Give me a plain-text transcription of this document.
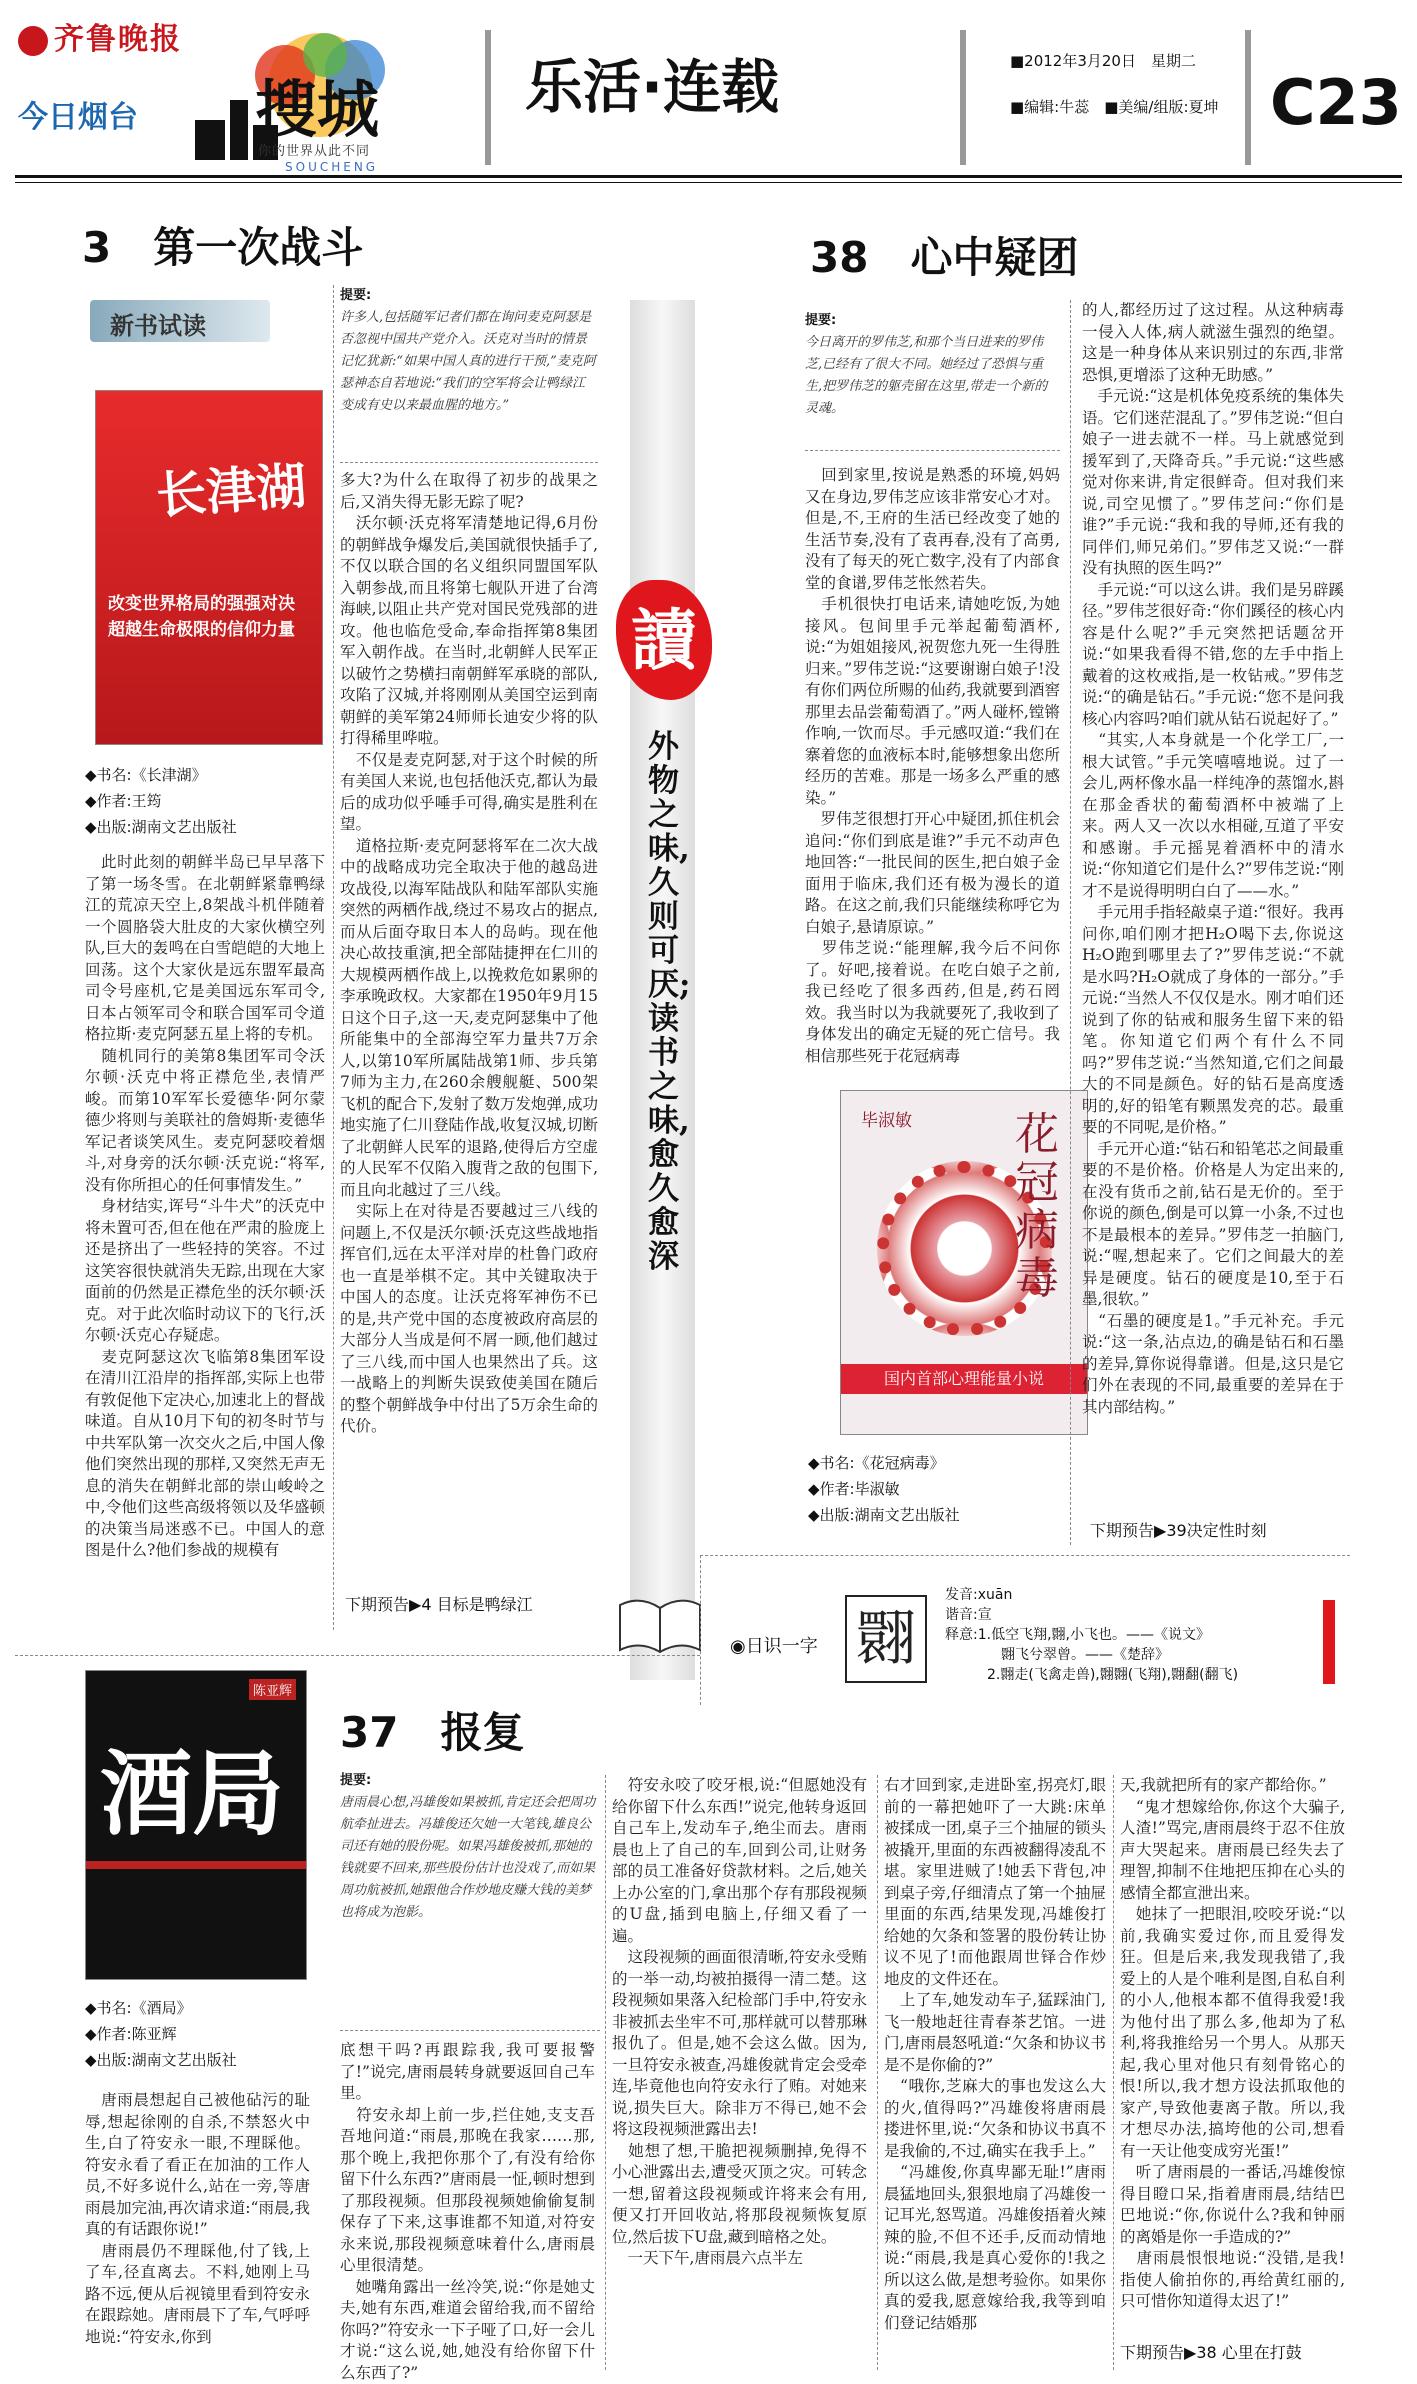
齐鲁晚报
今日烟台 搜城
你的世界从此不同
SOUCHENG
乐活·连载	■2012年3月20日　星期二
■编辑:牛蕊　■美编/组版:夏坤 C23
3　 第一次战斗
新书试读
提要:
许多人,包括随军记者们都在询问麦克阿瑟是否忽视中国共产党介入。沃克对当时的情景记忆犹新:“如果中国人真的进行干预,”麦克阿瑟神态自若地说:“我们的空军将会让鸭绿江变成有史以来最血腥的地方。”
长津湖
改变世界格局的强强对决 超越生命极限的信仰力量
◆书名:《长津湖》
◆作者:王筠
◆出版:湖南文艺出版社
　此时此刻的朝鲜半岛已早早落下了第一场冬雪。在北朝鲜紧靠鸭绿江的荒凉天空上,8架战斗机伴随着一个圆胳袋大肚皮的大家伙横空列队,巨大的轰鸣在白雪皑皑的大地上回荡。这个大家伙是远东盟军最高司令号座机,它是美国远东军司令,日本占领军司令和联合国军司令道格拉斯·麦克阿瑟五星上将的专机。
　随机同行的美第8集团军司令沃尔顿·沃克中将正襟危坐,表情严峻。而第10军军长爱德华·阿尔蒙德少将则与美联社的詹姆斯·麦德华军记者谈笑风生。麦克阿瑟咬着烟斗,对身旁的沃尔顿·沃克说:“将军,没有你所担心的任何事情发生。”
　身材结实,诨号“斗牛犬”的沃克中将未置可否,但在他在严肃的脸庞上还是挤出了一些轻持的笑容。不过这笑容很快就消失无踪,出现在大家面前的仍然是正襟危坐的沃尔顿·沃克。对于此次临时动议下的飞行,沃尔顿·沃克心存疑虑。
　麦克阿瑟这次飞临第8集团军设在清川江沿岸的指挥部,实际上也带有敦促他下定决心,加速北上的督战味道。自从10月下旬的初冬时节与中共军队第一次交火之后,中国人像他们突然出现的那样,又突然无声无息的消失在朝鲜北部的崇山峻岭之中,令他们这些高级将领以及华盛顿的决策当局迷惑不已。中国人的意图是什么?他们参战的规模有
多大?为什么在取得了初步的战果之后,又消失得无影无踪了呢?
　沃尔顿·沃克将军清楚地记得,6月份的朝鲜战争爆发后,美国就很快插手了,不仅以联合国的名义组织同盟国军队入朝参战,而且将第七舰队开进了台湾海峡,以阻止共产党对国民党残部的进攻。他也临危受命,奉命指挥第8集团军入朝作战。在当时,北朝鲜人民军正以破竹之势横扫南朝鲜军承晓的部队,攻陷了汉城,并将刚刚从美国空运到南朝鲜的美军第24师师长迪安少将的队打得稀里哗啦。
　不仅是麦克阿瑟,对于这个时候的所有美国人来说,也包括他沃克,都认为最后的成功似乎唾手可得,确实是胜利在望。
　道格拉斯·麦克阿瑟将军在二次大战中的战略成功完全取决于他的越岛进攻战役,以海军陆战队和陆军部队实施突然的两栖作战,绕过不易攻占的据点,而从后面夺取日本人的岛屿。现在他决心故技重演,把全部陆捷押在仁川的大规模两栖作战上,以挽救危如累卵的李承晚政权。大家都在1950年9月15日这个日子,这一天,麦克阿瑟集中了他所能集中的全部海空军力量共7万余人,以第10军所属陆战第1师、步兵第7师为主力,在260余艘舰艇、500架飞机的配合下,发射了数万发炮弹,成功地实施了仁川登陆作战,收复汉城,切断了北朝鲜人民军的退路,使得后方空虚的人民军不仅陷入腹背之敌的包围下,而且向北越过了三八线。
　实际上在对待是否要越过三八线的问题上,不仅是沃尔顿·沃克这些战地指挥官们,远在太平洋对岸的杜鲁门政府也一直是举棋不定。其中关键取决于中国人的态度。让沃克将军神伤不已的是,共产党中国的态度被政府高层的大部分人当成是何不屑一顾,他们越过了三八线,而中国人也果然出了兵。这一战略上的判断失误致使美国在随后的整个朝鲜战争中付出了5万余生命的代价。
下期预告▶4 目标是鸭绿江
讀
外物之味,久则可厌;读书之味,愈久愈深
38　 心中疑团
提要:
今日离开的罗伟芝,和那个当日进来的罗伟芝,已经有了很大不同。她经过了恐惧与重生,把罗伟芝的躯壳留在这里,带走一个新的灵魂。
　回到家里,按说是熟悉的环境,妈妈又在身边,罗伟芝应该非常安心才对。但是,不,王府的生活已经改变了她的生活节奏,没有了袁再春,没有了高勇,没有了每天的死亡数字,没有了内部食堂的食谱,罗伟芝怅然若失。
　手机很快打电话来,请她吃饭,为她接风。包间里手元举起葡萄酒杯,说:“为姐姐接风,祝贺您九死一生得胜归来。”罗伟芝说:“这要谢谢白娘子!没有你们两位所赐的仙药,我就要到酒窖那里去品尝葡萄酒了。”两人碰杯,镗锵作响,一饮而尽。手元感叹道:“我们在寨着您的血液标本时,能够想象出您所经历的苦难。那是一场多么严重的感染。”
　罗伟芝很想打开心中疑团,抓住机会追问:“你们到底是谁?”手元不动声色地回答:“一批民间的医生,把白娘子金面用于临床,我们还有极为漫长的道路。在这之前,我们只能继续称呼它为白娘子,悬请原谅。”
　罗伟芝说:“能理解,我今后不问你了。好吧,接着说。在吃白娘子之前,我已经吃了很多西药,但是,药石罔效。我当时以为我就要死了,我收到了身体发出的确定无疑的死亡信号。我相信那些死于花冠病毒
花冠病毒
毕淑敏
国内首部心理能量小说
◆书名:《花冠病毒》
◆作者:毕淑敏
◆出版:湖南文艺出版社
的人,都经历过了这过程。从这种病毒一侵入人体,病人就滋生强烈的绝望。这是一种身体从来识别过的东西,非常恐惧,更增添了这种无助感。”
　手元说:“这是机体免疫系统的集体失语。它们迷茫混乱了。”罗伟芝说:“但白娘子一进去就不一样。马上就感觉到援军到了,天降奇兵。”手元说:“这些感觉对你来讲,肯定很鲜奇。但对我们来说,司空见惯了。”罗伟芝问:“你们是谁?”手元说:“我和我的导师,还有我的同伴们,师兄弟们。”罗伟芝又说:“一群没有执照的医生吗?”
　手元说:“可以这么讲。我们是另辟蹊径。”罗伟芝很好奇:“你们蹊径的核心内容是什么呢?”手元突然把话题岔开说:“如果我看得不错,您的左手中指上戴着的这枚戒指,是一枚钻戒。”罗伟芝说:“的确是钻石。”手元说:“您不是问我核心内容吗?咱们就从钻石说起好了。”
　“其实,人本身就是一个化学工厂,一根大试管。”手元笑嘻嘻地说。过了一会儿,两杯像水晶一样纯净的蒸馏水,斟在那金香状的葡萄酒杯中被端了上来。两人又一次以水相碰,互道了平安和感谢。手元摇晃着酒杯中的清水说:“你知道它们是什么?”罗伟芝说:“刚才不是说得明明白白了——水。”
　手元用手指轻敲桌子道:“很好。我再问你,咱们刚才把H₂O喝下去,你说这H₂O跑到哪里去了?”罗伟芝说:“不就是水吗?H₂O就成了身体的一部分。”手元说:“当然人不仅仅是水。刚才咱们还说到了你的钻戒和服务生留下来的铅笔。你知道它们两个有什么不同吗?”罗伟芝说:“当然知道,它们之间最大的不同是颜色。好的钻石是高度透明的,好的铅笔有颗黑发亮的芯。最重要的不同呢,是价格。”
　手元开心道:“钻石和铅笔芯之间最重要的不是价格。价格是人为定出来的,在没有货币之前,钻石是无价的。至于你说的颜色,倒是可以算一小条,不过也不是最根本的差异。”罗伟芝一拍脑门,说:“喔,想起来了。它们之间最大的差异是硬度。钻石的硬度是10,至于石墨,很软。”
　“石墨的硬度是1。”手元补充。手元说:“这一条,沾点边,的确是钻石和石墨的差异,算你说得靠谱。但是,这只是它们外在表现的不同,最重要的差异在于其内部结构。”
下期预告▶39决定性时刻
◉日识一字 翾
发音:xuān
谐音:宣
释意:1.低空飞翔,翾,小飞也。——《说文》
　翾飞兮翠曾。——《楚辞》
2.翾走(飞禽走兽),翾翾(飞翔),翾翻(翻飞)
陈亚辉
酒局
◆书名:《酒局》
◆作者:陈亚辉
◆出版:湖南文艺出版社
　唐雨晨想起自己被他砧污的耻辱,想起徐刚的自杀,不禁怒火中生,白了符安永一眼,不理睬他。符安永看了看正在加油的工作人员,不好多说什么,站在一旁,等唐雨晨加完油,再次请求道:“雨晨,我真的有话跟你说!”
　唐雨晨仍不理睬他,付了钱,上了车,径直离去。不料,她刚上马路不远,便从后视镜里看到符安永在跟踪她。唐雨晨下了车,气呼呼地说:“符安永,你到
37　 报复
提要:
唐雨晨心想,冯雄俊如果被抓,肯定还会把周功航牵扯进去。冯雄俊还欠她一大笔钱,雄良公司还有她的股份呢。如果冯雄俊被抓,那她的钱就要不回来,那些股份估计也没戏了,而如果周功航被抓,她跟他合作炒地皮赚大钱的美梦也将成为泡影。
底想干吗?再跟踪我,我可要报警了!”说完,唐雨晨转身就要返回自己车里。
　符安永却上前一步,拦住她,支支吾吾地问道:“雨晨,那晚在我家……那,那个晚上,我把你那个了,有没有给你留下什么东西?”唐雨晨一怔,顿时想到了那段视频。但那段视频她偷偷复制保存了下来,这事谁都不知道,对符安永来说,那段视频意味着什么,唐雨晨心里很清楚。
　她嘴角露出一丝冷笑,说:“你是她丈夫,她有东西,难道会留给我,而不留给你吗?”符安永一下子哑了口,好一会儿才说:“这么说,她,她没有给你留下什么东西了?”
　符安永咬了咬牙根,说:“但愿她没有给你留下什么东西!”说完,他转身返回自己车上,发动车子,绝尘而去。唐雨晨也上了自己的车,回到公司,让财务部的员工准备好贷款材料。之后,她关上办公室的门,拿出那个存有那段视频的U盘,插到电脑上,仔细又看了一遍。
　这段视频的画面很清晰,符安永受贿的一举一动,均被拍摄得一清二楚。这段视频如果落入纪检部门手中,符安永非被抓去坐牢不可,那样就可以替那琳报仇了。但是,她不会这么做。因为,一旦符安永被查,冯雄俊就肯定会受牵连,毕竟他也向符安永行了贿。对她来说,损失巨大。除非万不得已,她不会将这段视频泄露出去!
　她想了想,干脆把视频删掉,免得不小心泄露出去,遭受灭顶之灾。可转念一想,留着这段视频或许将来会有用,便又打开回收站,将那段视频恢复原位,然后拔下U盘,藏到暗格之处。
　一天下午,唐雨晨六点半左
右才回到家,走进卧室,拐亮灯,眼前的一幕把她吓了一大跳:床单被揉成一团,桌子三个抽屉的锁头被撬开,里面的东西被翻得凌乱不堪。家里进贼了!她丢下背包,冲到桌子旁,仔细清点了第一个抽屉里面的东西,结果发现,冯雄俊打给她的欠条和签署的股份转让协议不见了!而他跟周世铎合作炒地皮的文件还在。
　上了车,她发动车子,猛踩油门,飞一般地赶往青春茶艺馆。一进门,唐雨晨怒吼道:“欠条和协议书是不是你偷的?”
　“哦你,芝麻大的事也发这么大的火,值得吗?”冯雄俊将唐雨晨搂进怀里,说:“欠条和协议书真不是我偷的,不过,确实在我手上。”
　“冯雄俊,你真卑鄙无耻!”唐雨晨猛地回头,狠狠地扇了冯雄俊一记耳光,怒骂道。冯雄俊捂着火辣辣的脸,不但不还手,反而动情地说:“雨晨,我是真心爱你的!我之所以这么做,是想考验你。如果你真的爱我,愿意嫁给我,我等到咱们登记结婚那
天,我就把所有的家产都给你。”
　“鬼才想嫁给你,你这个大骗子,人渣!”骂完,唐雨晨终于忍不住放声大哭起来。唐雨晨已经失去了理智,抑制不住地把压抑在心头的感情全都宣泄出来。
　她抹了一把眼泪,咬咬牙说:“以前,我确实爱过你,而且爱得发狂。但是后来,我发现我错了,我爱上的人是个唯利是图,自私自利的小人,他根本都不值得我爱!我为他付出了那么多,他却为了私利,将我推给另一个男人。从那天起,我心里对他只有刻骨铭心的恨!所以,我才想方设法抓取他的家产,导致他妻离子散。所以,我才想尽办法,搞垮他的公司,想看有一天让他变成穷光蛋!”
　听了唐雨晨的一番话,冯雄俊惊得目瞪口呆,指着唐雨晨,结结巴巴地说:“你,你说什么?我和钟丽的离婚是你一手造成的?”
　唐雨晨恨恨地说:“没错,是我!指使人偷拍你的,再给黄红丽的,只可惜你知道得太迟了!”
下期预告▶38 心里在打鼓
